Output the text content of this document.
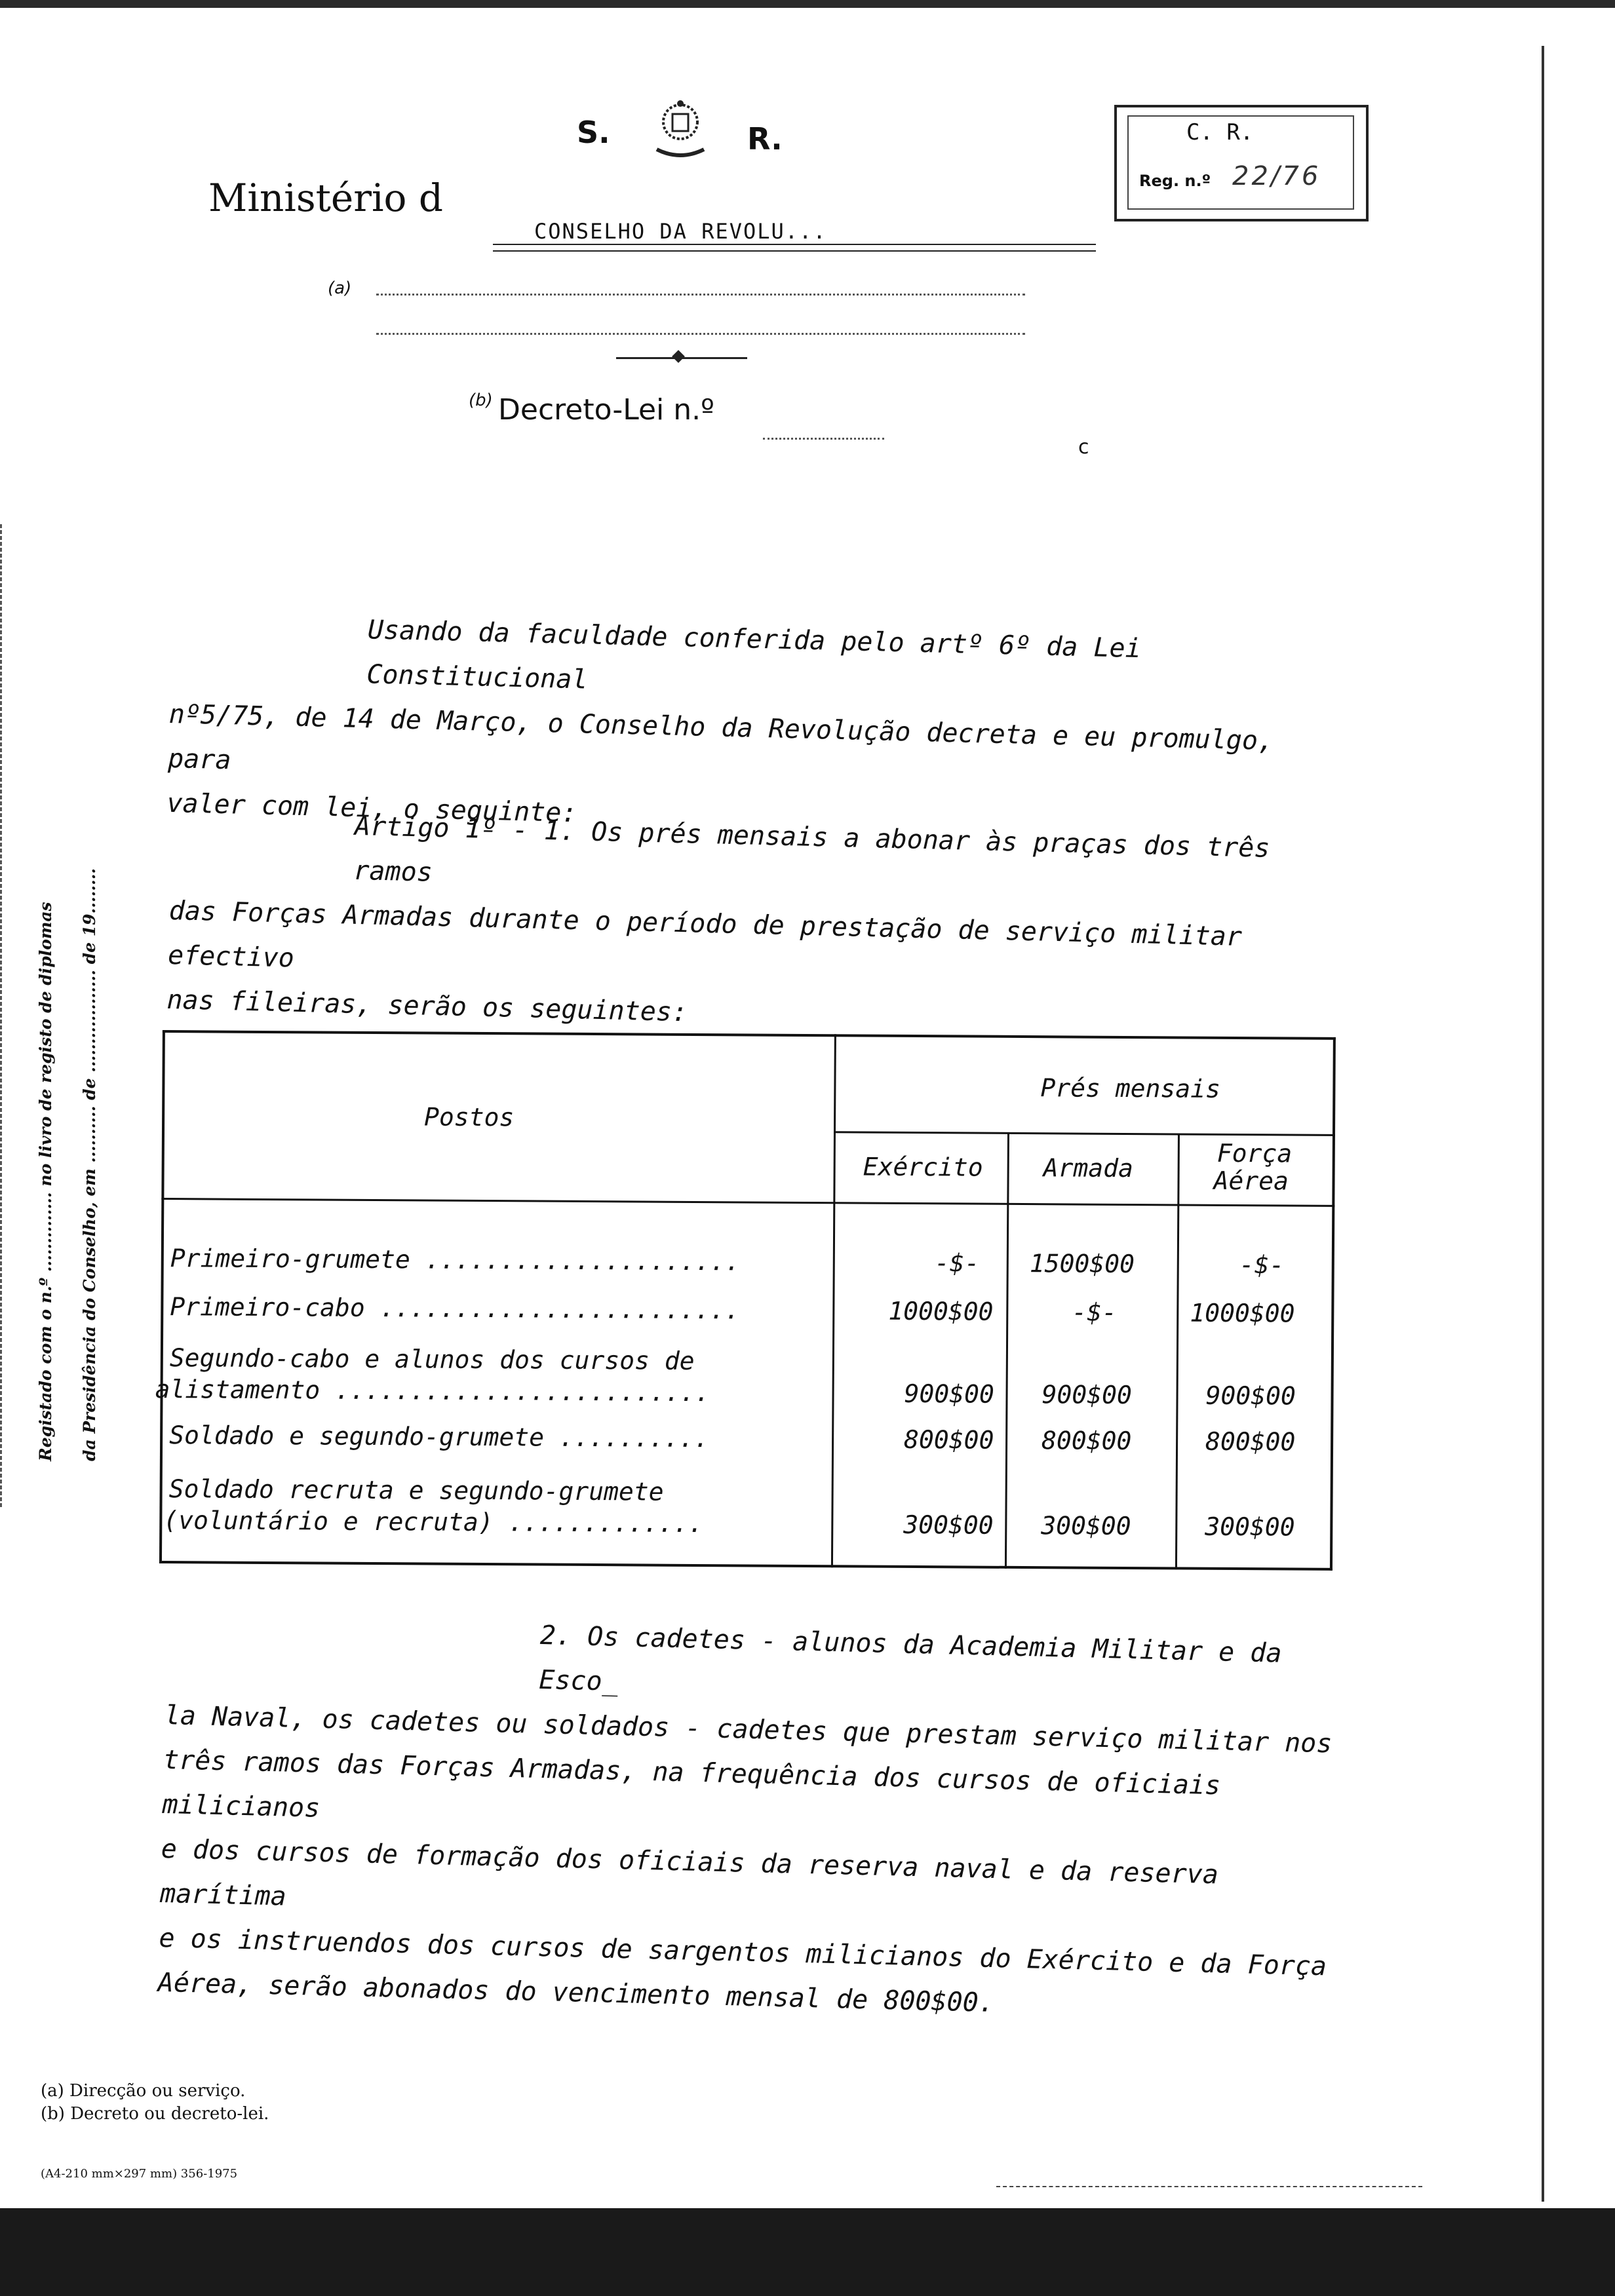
S.	R.
Ministério d
CONSELHO DA REVOLU...
C. R.
Reg. n.º 22/76
(a)
(b) Decreto-Lei n.º
c
Registado com o n.º .............. no livro de registo de diplomas da Presidência do Conselho, em .......... de .................. de 19........
Usando da faculdade conferida pelo artº 6º da Lei Constitucional
nº5/75, de 14 de Março, o Conselho da Revolução decreta e eu promulgo, para
valer com lei, o seguinte:
Artigo 1º - 1. Os prés mensais a abonar às praças dos três ramos
das Forças Armadas durante o período de prestação de serviço militar efectivo
nas fileiras, serão os seguintes:
Postos
Prés mensais
Exército Armada
Força
Aérea
Primeiro-grumete .....................	-$- 1500$00	-$-
Primeiro-cabo ........................	1000$00	-$-	1000$00
Segundo-cabo e alunos dos cursos de
alistamento .........................	900$00 900$00	900$00
Soldado e segundo-grumete ..........	800$00 800$00	800$00
Soldado recruta e segundo-grumete
(voluntário e recruta) .............	300$00 300$00	300$00
2. Os cadetes - alunos da Academia Militar e da Esco_
la Naval, os cadetes ou soldados - cadetes que prestam serviço militar nos
três ramos das Forças Armadas, na frequência dos cursos de oficiais milicianos
e dos cursos de formação dos oficiais da reserva naval e da reserva marítima
e os instruendos dos cursos de sargentos milicianos do Exército e da Força
Aérea, serão abonados do vencimento mensal de 800$00.
(a) Direcção ou serviço.
(b) Decreto ou decreto-lei.
(A4-210 mm×297 mm) 356-1975
